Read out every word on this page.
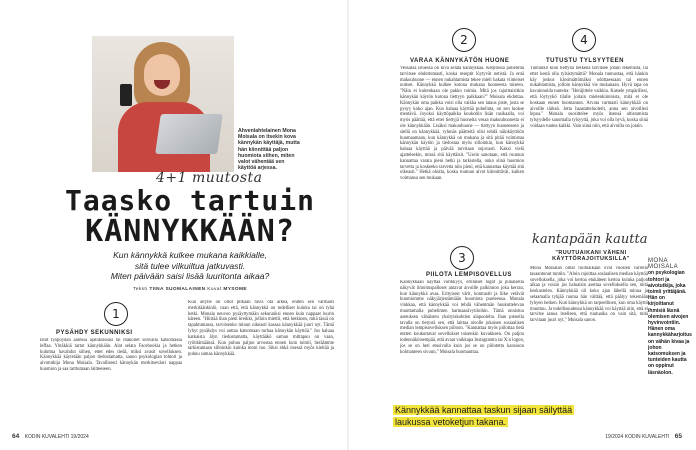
Ahvenlahtelainen Mona Moisala on itsekin kova kännykän käyttäjä, mutta hän kiinnittää paljon huomiota siihen, miten valot vähentää sen käyttöä arjessa.
4+1 muutosta
Taasko tartuin
KÄNNYKKÄÄN?
Kun kännykkä kulkee mukana kaikkialle,
sitä tulee vilkuiltua jatkuvasti.
Miten päivään saisi lisää luuritonta aikaa?
Teksti TIINA SUOMALAINEN Kuvat MYSOME
1
PYSÄHDY SEKUNNIKSI

Istut työpöydän ääressä ajatuksissasi tai makoilet sohvalla katsomassa leffaa. Yhtäkkiä tartut kännykkään. Alat selata Facebookia ja hetken kuluttua havahdut siihen, ettet edes tiedä, miksi avasit sovelluksen. Kännykkää käytetään paljon tiedostamatta, sanoo psykologian tohtori ja aivotutkija Mona Moisala. Tavallisesti kännykän merkitsevästi nappaa huomion ja saa tarttumaan laitteeseen.

Kun äitylle on ollut pitkään tävis ota arkea, eniten sen varmasti merkitäänkinlö, vaan että, että kännykkä on todelliset kuinka tai on tyhä hetki. Monala neuvoo pysäyttymään sekunniksi ennen kuin nappaat luurin käteen. "Hiirtää ihan pieni breikki, jolloin miettii, että hetkinen, mitä tässä on tapahtumassa, tarvitsenko minun oikeasti kassaa kännykkää juuri nyt. Tämä lyhyt pysähdys voi auttaa katsomaan turhaa kännykän käyttöä." Jos haluaa katkaista älyn tiedostamatta, käyttääkö saman mittapuu on vaan, ryöittämäänsä. Kun puhuu paljon arvostaa ennen kuin toimii, heräämme tarkistamaan silloinkin kuinka moni tuo. Siksi ehkä itsessä myös kieltää ja puhuu samaa kännykkää.

64 KODIN KUVALEHTI 19/2024
2
VARAA KÄNNYKÄTÖN HUONE

Vessassa istuessa on kiva selata kännykkää. Ketjitössä puhelinta tarvitsee ehdottomasti, koska reseptit löytyvät netistä. Ja entä makuuhuone — ennen nukahtamista tekee mieli hakata viimeiset uutiset. Kännykkä kulkee kotona mukana huoneesta toiseen. "Näin ei kuitenkaan ole pakko toimia. Mitä jos rajoittaisitkin kännykän käytön kotona tiettyyn paikkaan?" Moisala ehdottaa. Kännykän oma paikka voisi olla vaikka sen lataus piste, josta se pysyy koko ajan. Kun haluaa käyttää puhelinta, on sen luokse mentävä. Joyoksi käyttöpaikka kuukotiin lisän rasikaalla, voi myös päättää, että ettei tiettyjä huoneita vesaa makuuhuonetta ei ole kännykkään. Lisäksi makuuhuone — tiettyyn huoneeseen ja siellä on kännykkää, ryhmäs päätteitä olisi tehdä näinkäyttöön huomaamaan, kun kännykkä on mukana ja sitä pitää voimistaa kännykän käytön ja tiedostaa myös silloinkin, kun kännykkä haluaa käyttää ja päivää tarvitaan sujuvasti. Kaksi vielä ajatteleekin, missä sitä käyttäisit. "Usein sanotaan, että ruutuun kannattaa varata pieni hetki ja tarkistella, onko siinä huomion tarvetta ja koskeeko tarvetta niin pieni, että kannattaa käyttää sitä oikeasti." Hetkä ohutta, koska ruutuun aivot kiinnittävät, kaiken voimansa sen mukaan.

3
PIILOTA LEMPISOVELLUS

Kännykkään näyttää värikkyys, erillaiset logot ja punaisella näkyvät ilmoituspalloset antavat aivoille palkinnon joka kerran, kun kännykkä avaa. Erityisest värit, kontrastit ja liike vetävät huomiomme näkyjärjestämiään huomiota puoleensa. Monala vinkkaa, että kännykkää voi tehdä vähemmän houkuttelevan muuttamalla puhelimen harmaasävytiloihin. Tämä onnistuu asetuksen vähäisten yksityiskohtien alapuolelta. Ihan pienella tavalla on tietystä sen, että laittaa aivolle jokaisen sosiaalisen median lempisovelluksen piiloon. "Kannattaa myös piilottaa tietä entten koukuttavat sovellukset toisenkin kuvakkeen. On paljon todennäköisempää, että avaat vaikkapa Instagramin tai X:n logon, jos se on heti etusivulla kuin jos se on piilotettu kansioon kolmanteen sivuun," Moisala huomauttaa.

4
TUTUSTU TYLSYYTEEN

Tuntuuko kuin tiettynä hetkenä tarvitsee jotain tekemistä, tai ettet kestä olla tylsistymättä? Monala tunnustaa, että hänkin käy joskus kärsimättömäksi odottaessaan tai ennen nukahtamista, jolloin kännykkä vie mukanaan. Hyvä tapa on havainnoida tunteita: "Heräjittele vaikkia. Katsele ympärillesi, että löytyykö tilalle joitain mielenkiintoista, mitä et ole koskaan ennen huomannut. Arvata varmasti kännykkää on aivoille tärkeä. Jotta haastatteluoletit, anna sen aivoillesi lepoa." Monala suosittelee myös itsensä altistamista tylsyydelle sanomalla tylsyyttä, joka voi olla hyvä, koska siinä voidaan tuntea kaikki. Vain siinä niin, että aivoilla on jotain.

kantapään kautta
"RUUTUAIKANI VÄHENI KÄYTTÖRAJOITUKSILLA"

Mona Moisalan omat ruutuaikaan ovat vuosien varrella tasaantunut tuntiin. "Aloin rajoittaa sosiaalisen median käyttöä sovelluksella, joka voi kertoa etukäteen kertoa kuinka paljon aikaa ja voisin jos haluaisin asettaa sovelluksella sen, mitä keskustelen. Kännykkää oli koko ajan lähellä minua ja selaamalla tyhjää ruutua hän välttää, että päätyy tekemään lyhyen hetken. Kun kännykkä on tarpeellinen, kun oma käyttö muuttuu. Ja todellisuudessa kännykkää voi käyttää niin, että ei tarvitse sanoa itselleen, että ruutuaika on vain sitä, mitä tarvitaan juuri nyt," Moisala sanoo.

MONA MOISALA
on psykologian tohtori ja aivotutkija, joka toimii yrittäjänä. Hän on kirjoittanut ihmisiä läsnä olemisen aivojen hyvinvointiin. Hänen oma kannykkäharjoitus on vähän kivaa ja johon katsomuksen ja tunteiden kautta on oppinut läsnäolon.
Kännykkää kannattaa taskun sijaan säilyttää
laukussa vetoketjun takana.
19/2024 KODIN KUVALEHTI 65
